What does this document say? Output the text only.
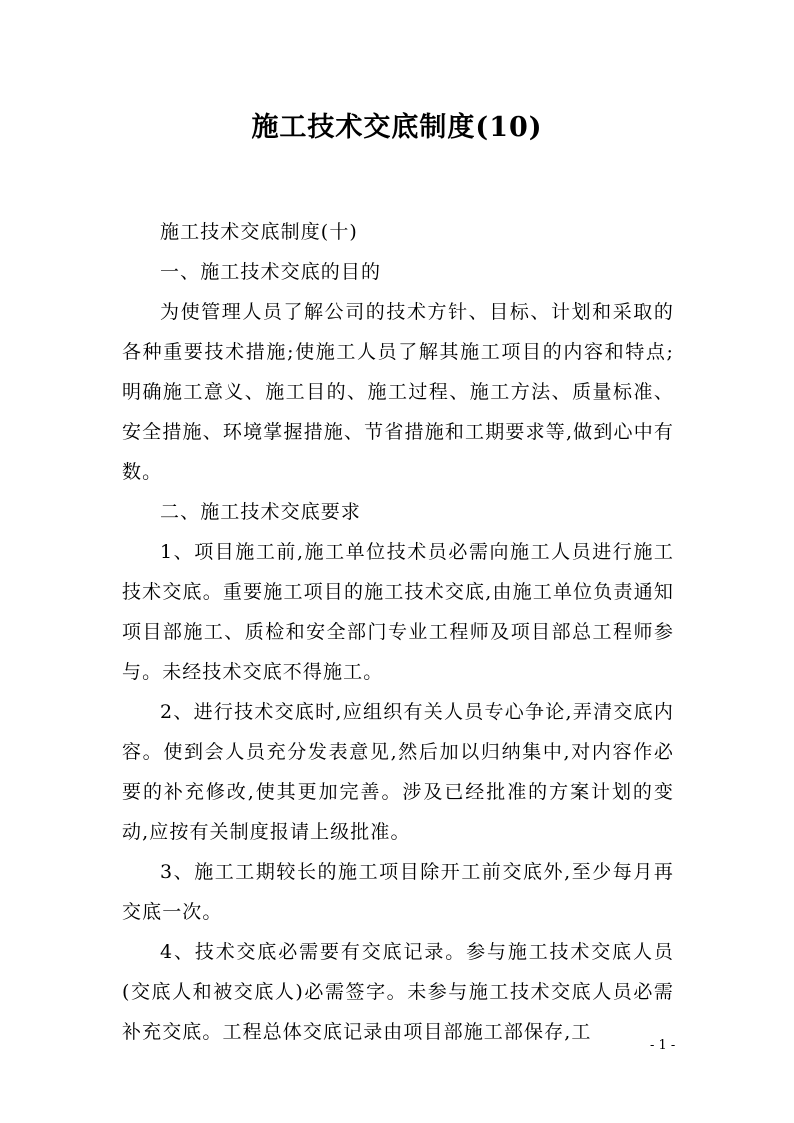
施工技术交底制度(10)

施工技术交底制度(十)

一、施工技术交底的目的

为使管理人员了解公司的技术方针、目标、计划和采取的各种重要技术措施;使施工人员了解其施工项目的内容和特点;明确施工意义、施工目的、施工过程、施工方法、质量标准、安全措施、环境掌握措施、节省措施和工期要求等,做到心中有数。

二、施工技术交底要求

1、项目施工前,施工单位技术员必需向施工人员进行施工技术交底。重要施工项目的施工技术交底,由施工单位负责通知项目部施工、质检和安全部门专业工程师及项目部总工程师参与。未经技术交底不得施工。

2、进行技术交底时,应组织有关人员专心争论,弄清交底内容。使到会人员充分发表意见,然后加以归纳集中,对内容作必要的补充修改,使其更加完善。涉及已经批准的方案计划的变动,应按有关制度报请上级批准。

3、施工工期较长的施工项目除开工前交底外,至少每月再交底一次。

4、技术交底必需要有交底记录。参与施工技术交底人员(交底人和被交底人)必需签字。未参与施工技术交底人员必需补充交底。工程总体交底记录由项目部施工部保存,工

- 1 -
